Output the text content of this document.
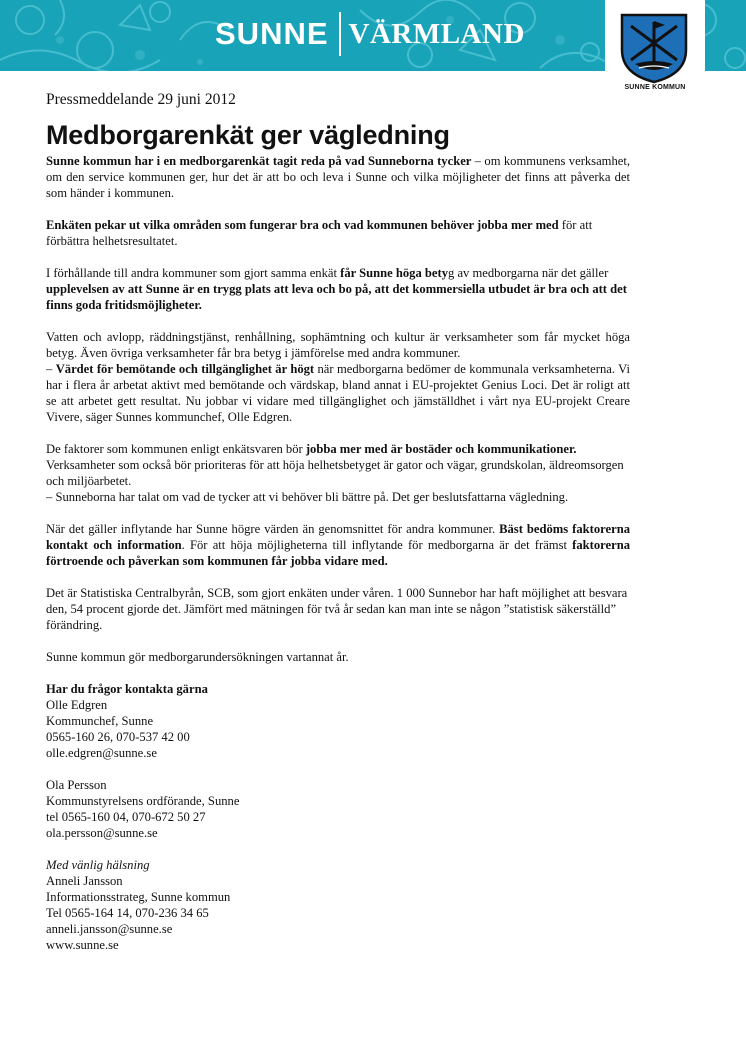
SUNNE VÄRMLAND
SUNNE KOMMUN
Pressmeddelande 29 juni 2012
Medborgarenkät ger vägledning

Sunne kommun har i en medborgarenkät tagit reda på vad Sunneborna tycker – om kommunens verksamhet, om den service kommunen ger, hur det är att bo och leva i Sunne och vilka möjligheter det finns att påverka det som händer i kommunen.

Enkäten pekar ut vilka områden som fungerar bra och vad kommunen behöver jobba mer med för att förbättra helhetsresultatet.

I förhållande till andra kommuner som gjort samma enkät får Sunne höga betyg av medborgarna när det gäller upplevelsen av att Sunne är en trygg plats att leva och bo på, att det kommersiella utbudet är bra och att det finns goda fritidsmöjligheter.

Vatten och avlopp, räddningstjänst, renhållning, sophämtning och kultur är verksamheter som får mycket höga betyg. Även övriga verksamheter får bra betyg i jämförelse med andra kommuner.
– Värdet för bemötande och tillgänglighet är högt när medborgarna bedömer de kommunala verksamheterna. Vi har i flera år arbetat aktivt med bemötande och värdskap, bland annat i EU-projektet Genius Loci. Det är roligt att se att arbetet gett resultat. Nu jobbar vi vidare med tillgänglighet och jämställdhet i vårt nya EU-projekt Creare Vivere, säger Sunnes kommunchef, Olle Edgren.

De faktorer som kommunen enligt enkätsvaren bör jobba mer med är bostäder och kommunikationer. Verksamheter som också bör prioriteras för att höja helhetsbetyget är gator och vägar, grundskolan, äldreomsorgen och miljöarbetet.
– Sunneborna har talat om vad de tycker att vi behöver bli bättre på. Det ger beslutsfattarna vägledning.

När det gäller inflytande har Sunne högre värden än genomsnittet för andra kommuner. Bäst bedöms faktorerna kontakt och information. För att höja möjligheterna till inflytande för medborgarna är det främst faktorerna förtroende och påverkan som kommunen får jobba vidare med.

Det är Statistiska Centralbyrån, SCB, som gjort enkäten under våren. 1 000 Sunnebor har haft möjlighet att besvara den, 54 procent gjorde det. Jämfört med mätningen för två år sedan kan man inte se någon ”statistisk säkerställd” förändring.

Sunne kommun gör medborgarundersökningen vartannat år.

Har du frågor kontakta gärna
Olle Edgren
Kommunchef, Sunne
0565-160 26, 070-537 42 00
olle.edgren@sunne.se

Ola Persson
Kommunstyrelsens ordförande, Sunne
tel 0565-160 04, 070-672 50 27
ola.persson@sunne.se

Med vänlig hälsning
Anneli Jansson
Informationsstrateg, Sunne kommun
Tel 0565-164 14, 070-236 34 65
anneli.jansson@sunne.se
www.sunne.se
